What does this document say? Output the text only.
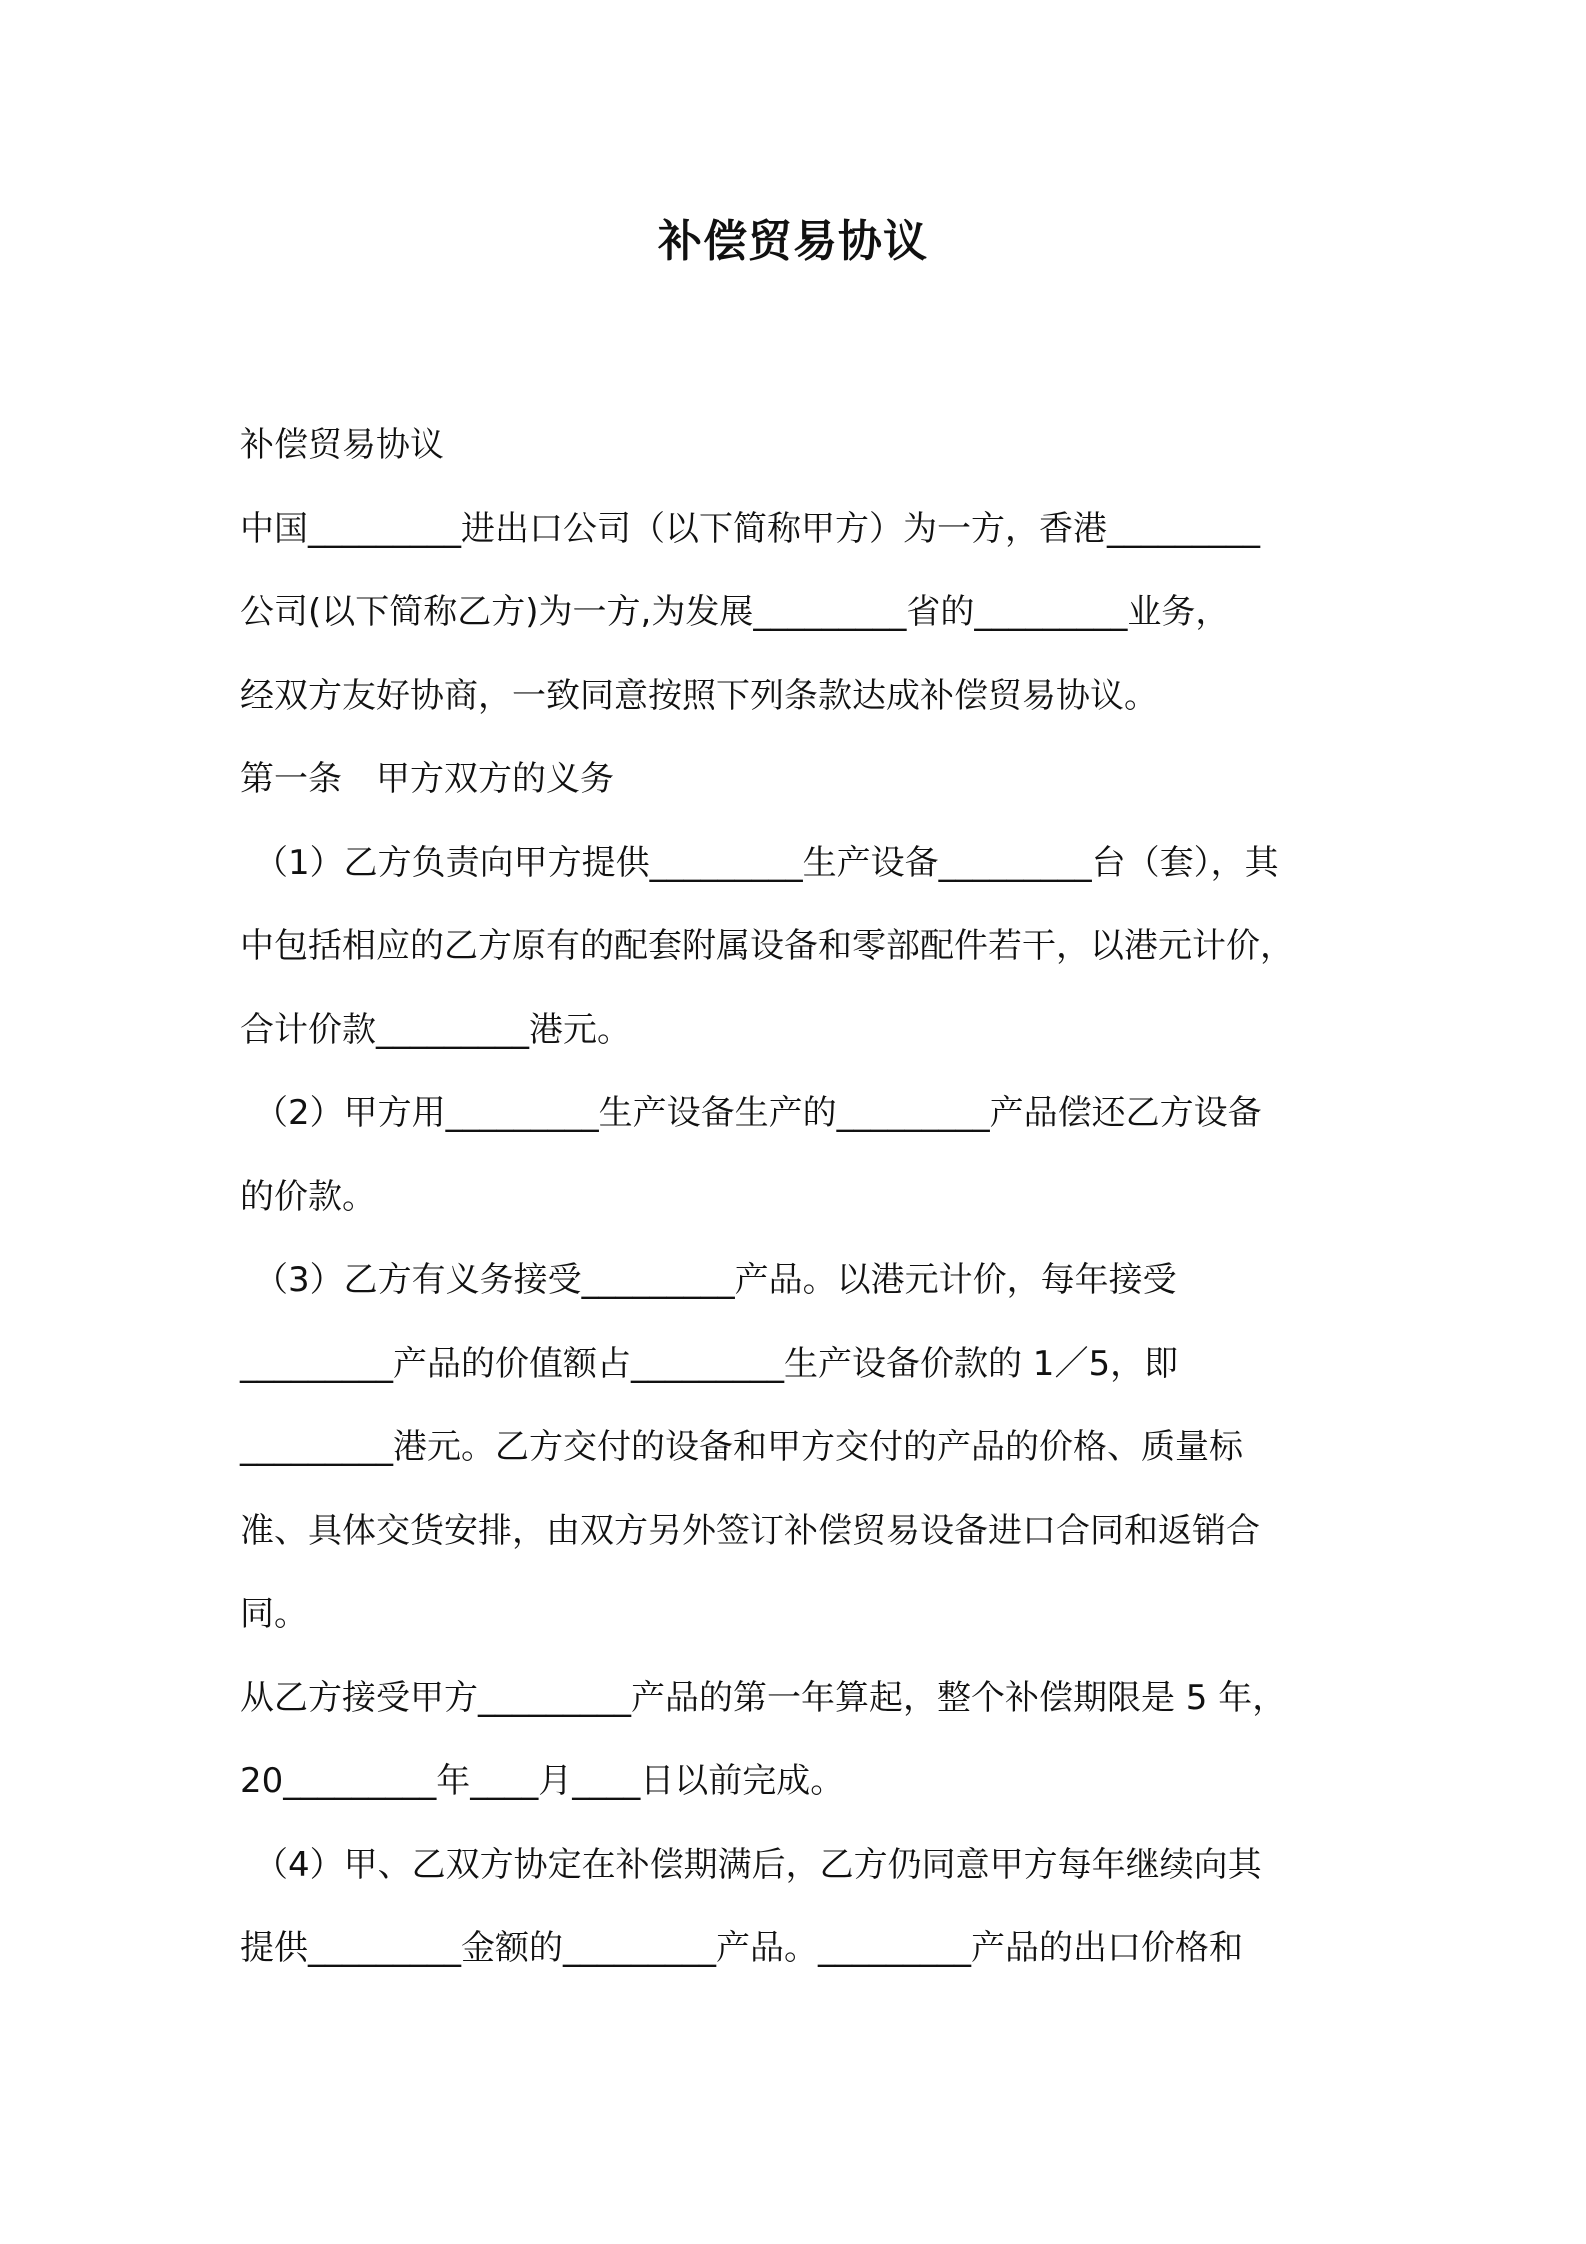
补偿贸易协议
补偿贸易协议
中国_________进出口公司（以下简称甲方）为一方，香港_________
公司(以下简称乙方)为一方,为发展_________省的_________业务，
经双方友好协商，一致同意按照下列条款达成补偿贸易协议。
第一条　甲方双方的义务
（1）乙方负责向甲方提供_________生产设备_________台（套），其
中包括相应的乙方原有的配套附属设备和零部配件若干，以港元计价，
合计价款_________港元。
（2）甲方用_________生产设备生产的_________产品偿还乙方设备
的价款。
（3）乙方有义务接受_________产品。以港元计价，每年接受
_________产品的价值额占_________生产设备价款的 1／5，即
_________港元。乙方交付的设备和甲方交付的产品的价格、质量标
准、具体交货安排，由双方另外签订补偿贸易设备进口合同和返销合
同。
从乙方接受甲方_________产品的第一年算起，整个补偿期限是 5 年，
20_________年____月____日以前完成。
（4）甲、乙双方协定在补偿期满后，乙方仍同意甲方每年继续向其
提供_________金额的_________产品。_________产品的出口价格和
